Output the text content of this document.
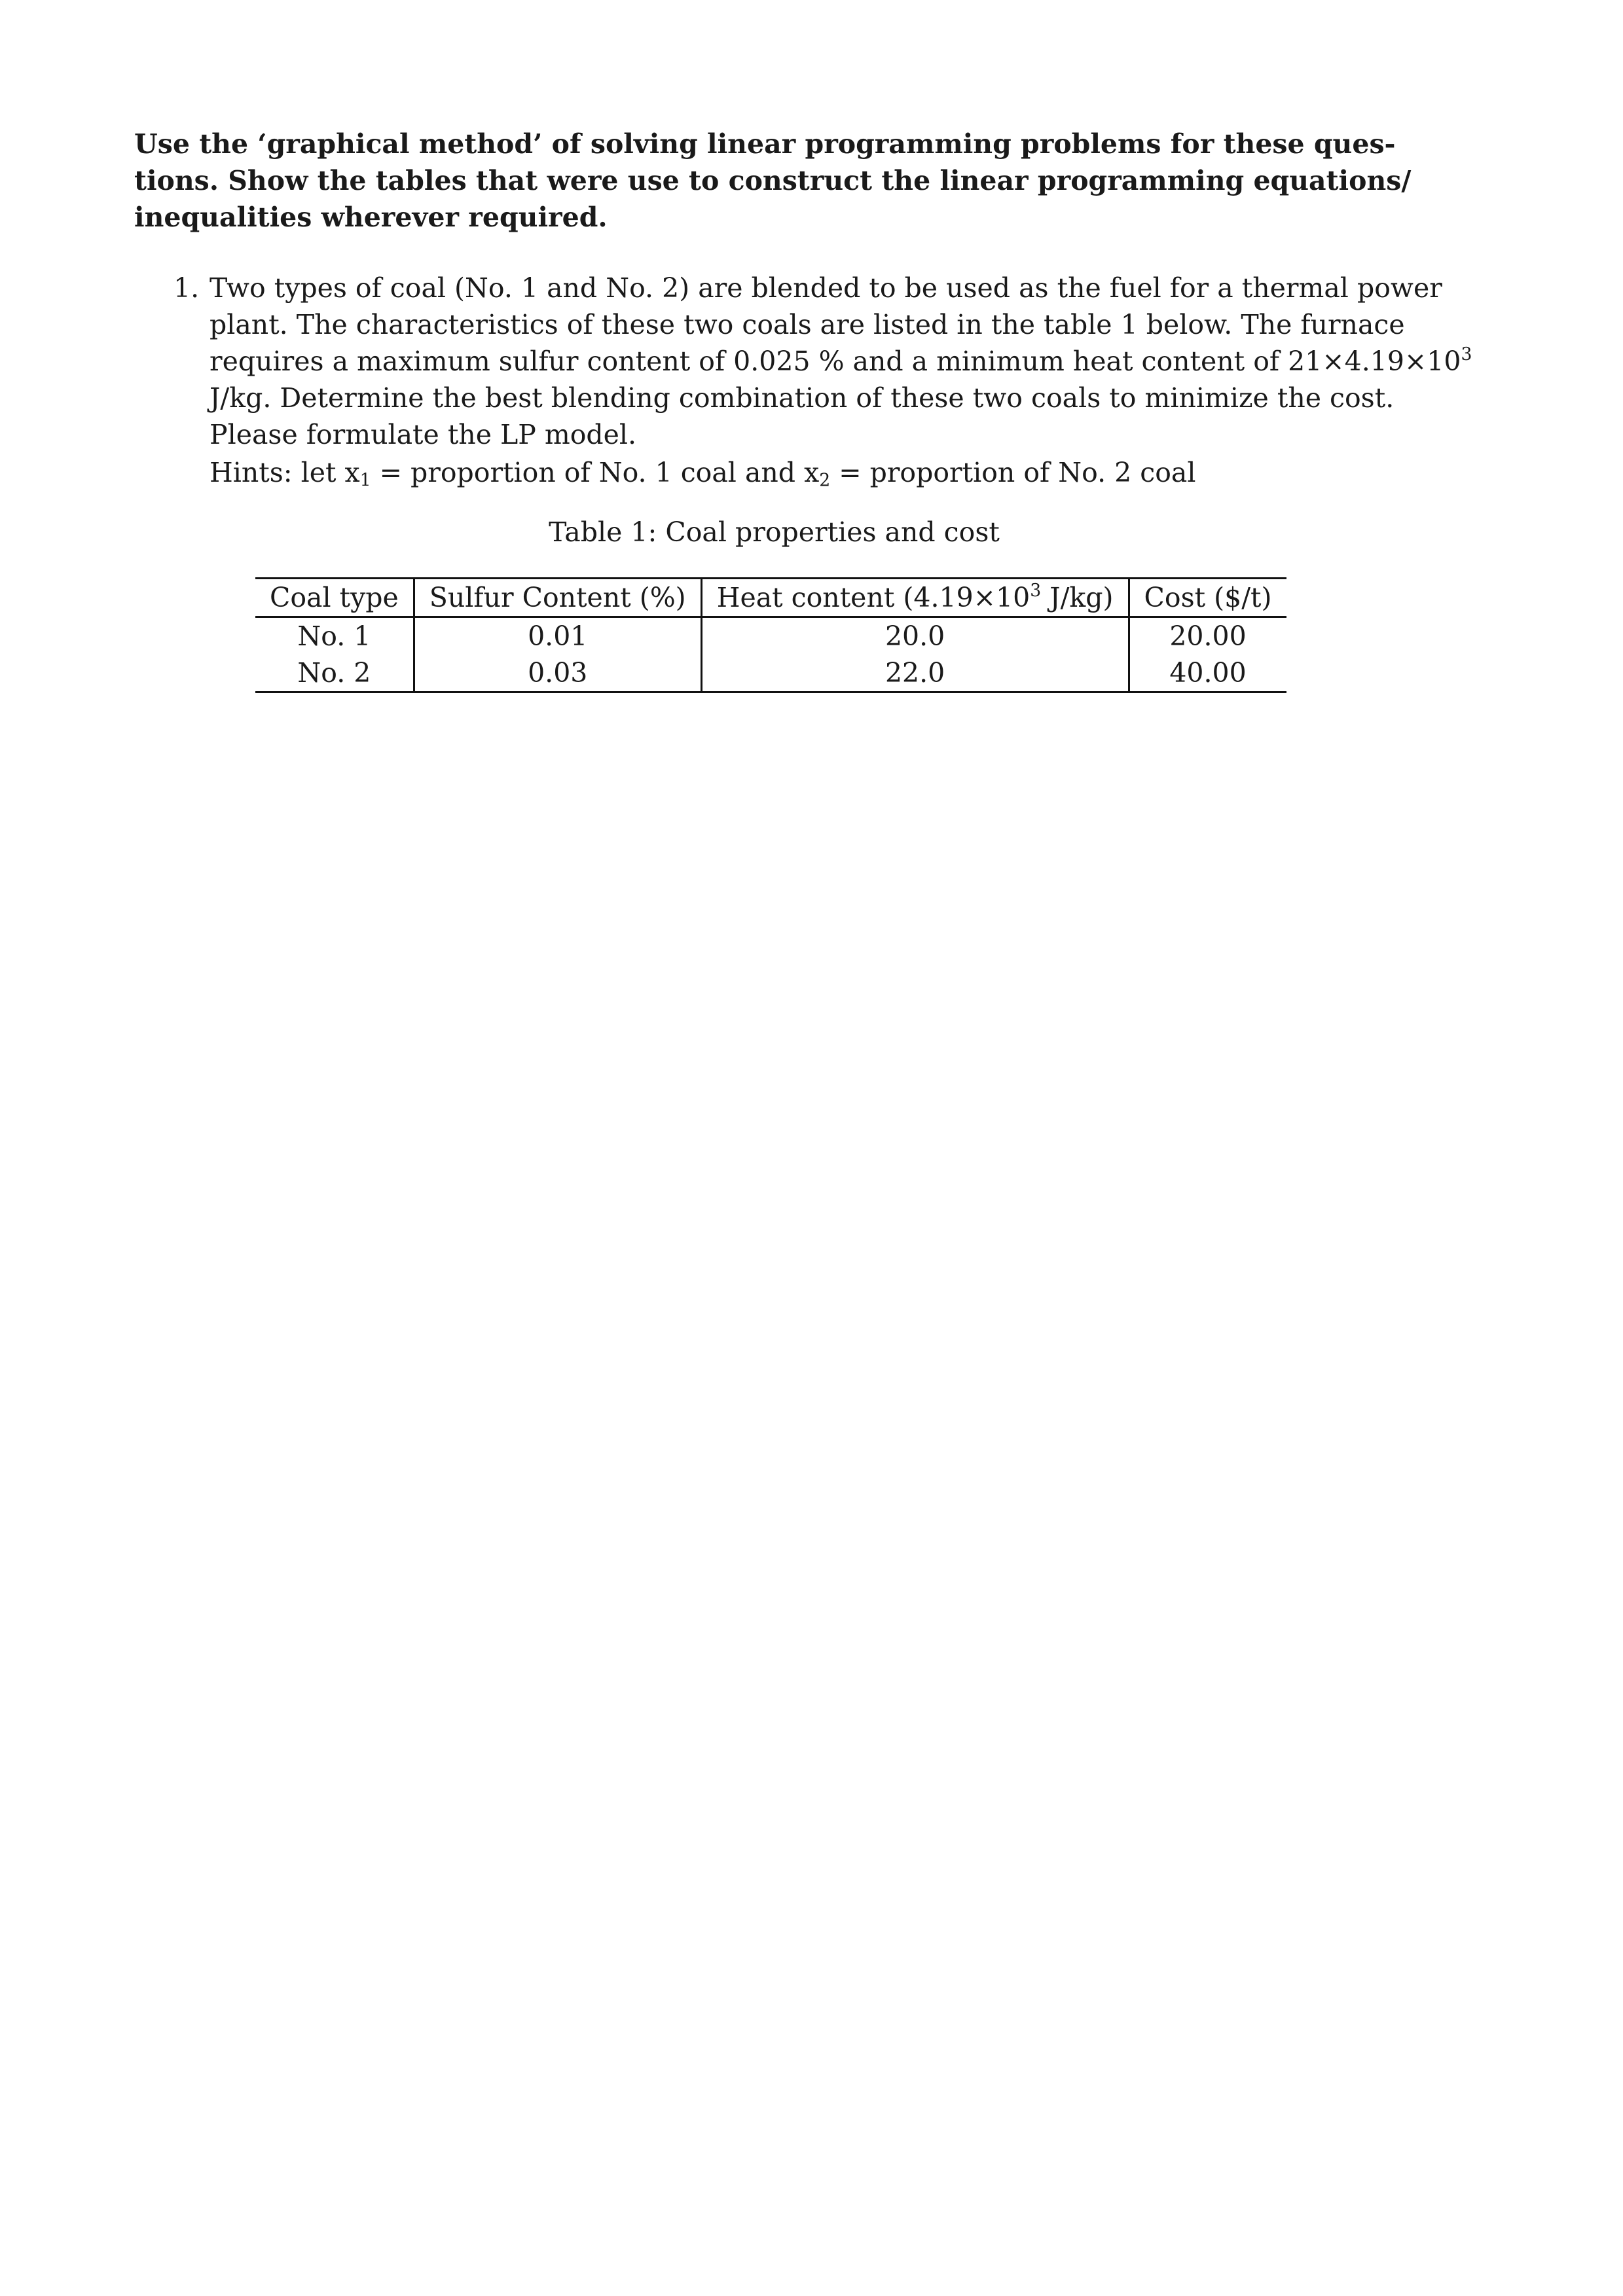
Use the ‘graphical method’ of solving linear programming problems for these ques-
tions. Show the tables that were use to construct the linear programming equations/
inequalities wherever required.

1. Two types of coal (No. 1 and No. 2) are blended to be used as the fuel for a thermal power
plant. The characteristics of these two coals are listed in the table 1 below. The furnace
requires a maximum sulfur content of 0.025 % and a minimum heat content of $21\times 4.19\times 10^3$
J/kg. Determine the best blending combination of these two coals to minimize the cost.
Please formulate the LP model.
Hints: let $x_1$ = proportion of No. 1 coal and $x_2$ = proportion of No. 2 coal
Table 1: Coal properties and cost
Coal type	Sulfur Content (%)	Heat content ($4.19\times 10^3$ J/kg)	Cost ($/t)
No. 1	0.01	20.0	20.00
No. 2	0.03	22.0	40.00
